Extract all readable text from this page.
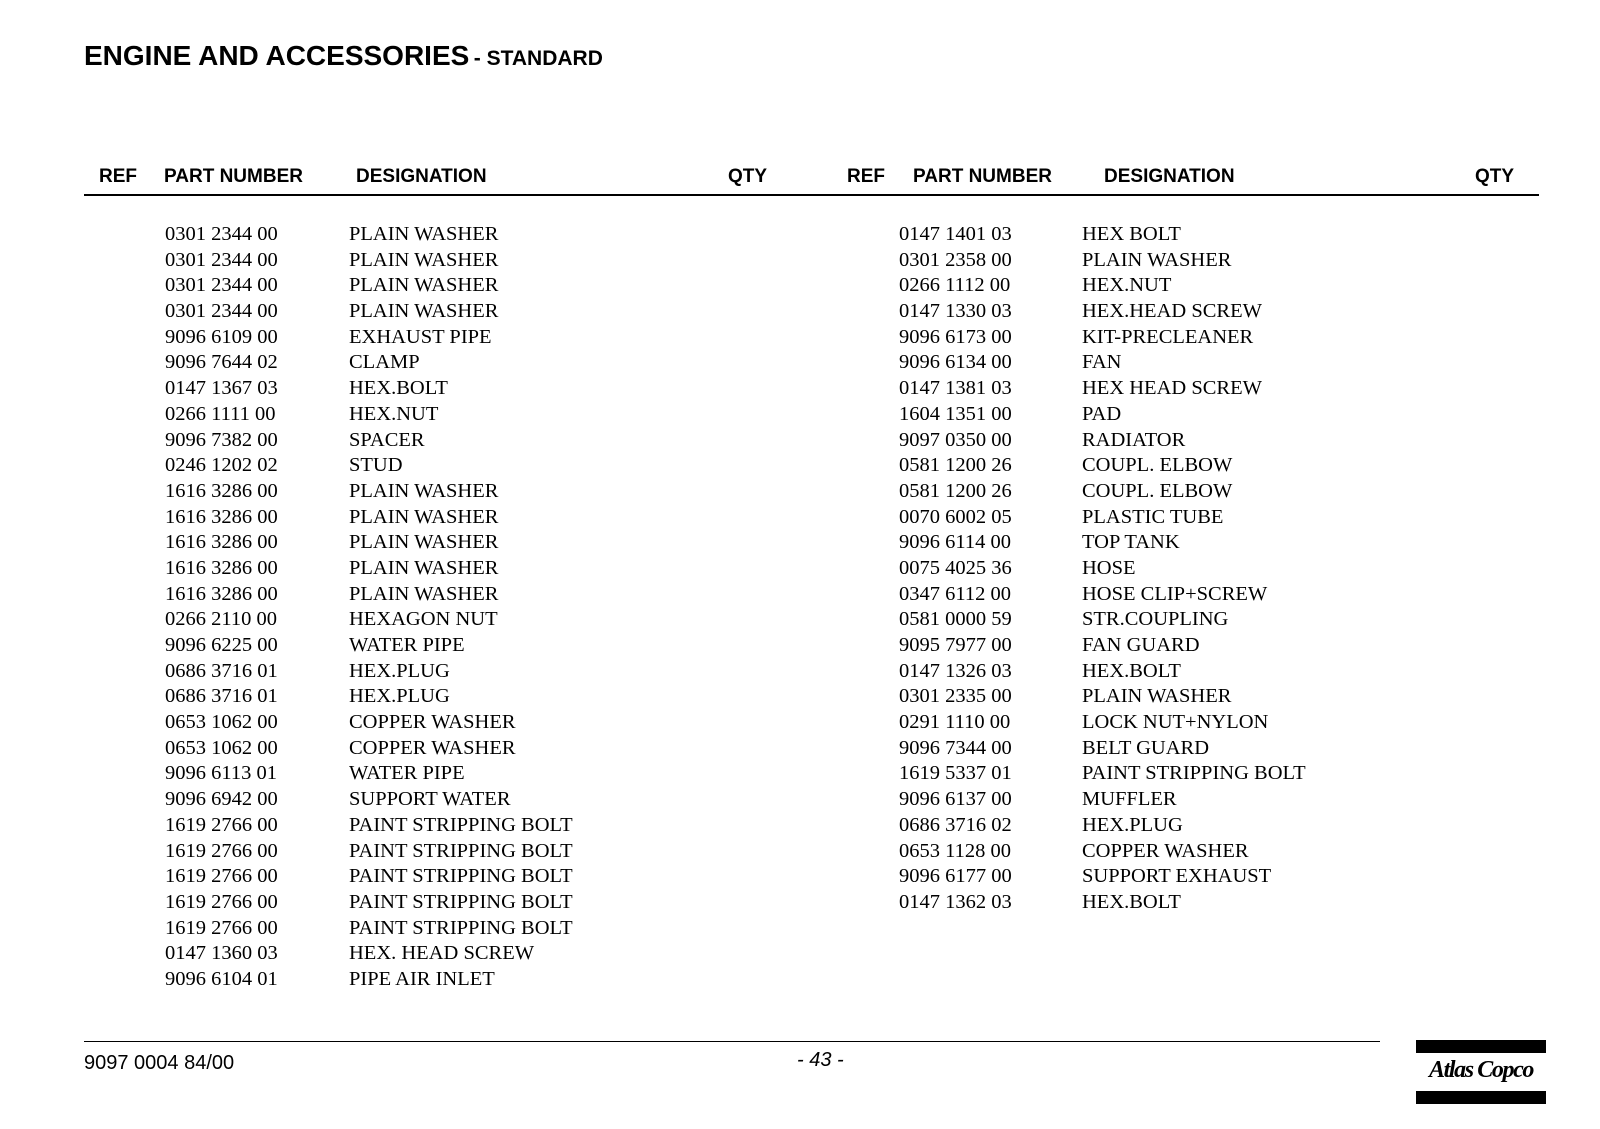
ENGINE AND ACCESSORIES - STANDARD
REF PART NUMBER	DESIGNATION	QTY	REF PART NUMBER	DESIGNATION	QTY
0301 2344 00	PLAIN WASHER
0301 2344 00	PLAIN WASHER
0301 2344 00	PLAIN WASHER
0301 2344 00	PLAIN WASHER
9096 6109 00	EXHAUST PIPE
9096 7644 02	CLAMP
0147 1367 03	HEX.BOLT
0266 1111 00	HEX.NUT
9096 7382 00	SPACER
0246 1202 02	STUD
1616 3286 00	PLAIN WASHER
1616 3286 00	PLAIN WASHER
1616 3286 00	PLAIN WASHER
1616 3286 00	PLAIN WASHER
1616 3286 00	PLAIN WASHER
0266 2110 00	HEXAGON NUT
9096 6225 00	WATER PIPE
0686 3716 01	HEX.PLUG
0686 3716 01	HEX.PLUG
0653 1062 00	COPPER WASHER
0653 1062 00	COPPER WASHER
9096 6113 01	WATER PIPE
9096 6942 00	SUPPORT WATER
1619 2766 00	PAINT STRIPPING BOLT
1619 2766 00	PAINT STRIPPING BOLT
1619 2766 00	PAINT STRIPPING BOLT
1619 2766 00	PAINT STRIPPING BOLT
1619 2766 00	PAINT STRIPPING BOLT
0147 1360 03	HEX. HEAD SCREW
9096 6104 01	PIPE AIR INLET
0147 1401 03	HEX BOLT
0301 2358 00	PLAIN WASHER
0266 1112 00	HEX.NUT
0147 1330 03	HEX.HEAD SCREW
9096 6173 00	KIT-PRECLEANER
9096 6134 00	FAN
0147 1381 03	HEX HEAD SCREW
1604 1351 00	PAD
9097 0350 00	RADIATOR
0581 1200 26	COUPL. ELBOW
0581 1200 26	COUPL. ELBOW
0070 6002 05	PLASTIC TUBE
9096 6114 00	TOP TANK
0075 4025 36	HOSE
0347 6112 00	HOSE CLIP+SCREW
0581 0000 59	STR.COUPLING
9095 7977 00	FAN GUARD
0147 1326 03	HEX.BOLT
0301 2335 00	PLAIN WASHER
0291 1110 00	LOCK NUT+NYLON
9096 7344 00	BELT GUARD
1619 5337 01	PAINT STRIPPING BOLT
9096 6137 00	MUFFLER
0686 3716 02	HEX.PLUG
0653 1128 00	COPPER WASHER
9096 6177 00	SUPPORT EXHAUST
0147 1362 03	HEX.BOLT
9097 0004 84/00	- 43 -	Atlas Copco
